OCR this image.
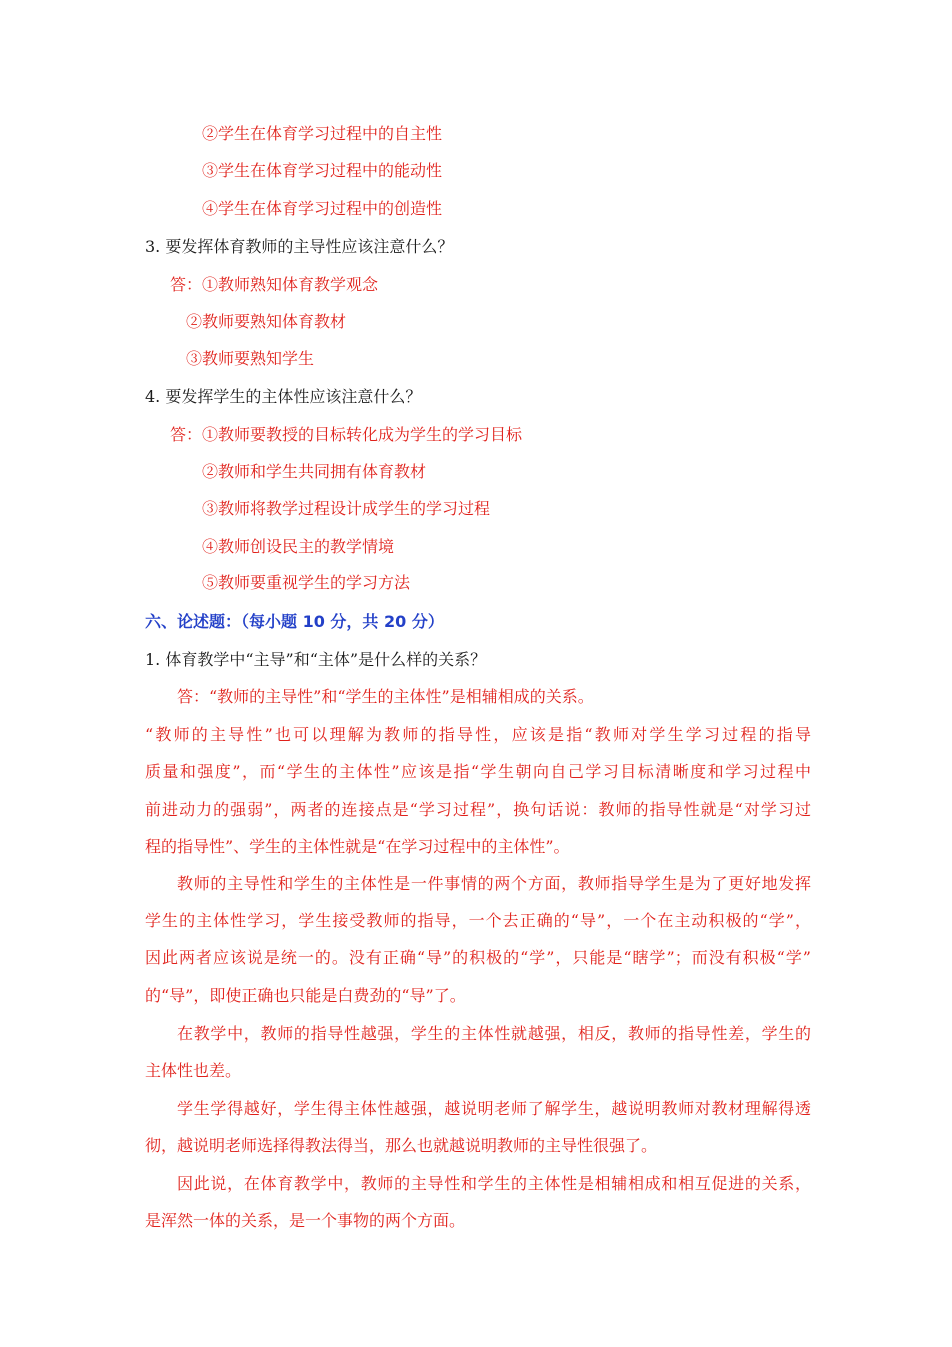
②学生在体育学习过程中的自主性
③学生在体育学习过程中的能动性
④学生在体育学习过程中的创造性
3. 要发挥体育教师的主导性应该注意什么？
答： ①教师熟知体育教学观念
②教师要熟知体育教材
③教师要熟知学生
4. 要发挥学生的主体性应该注意什么？
答： ①教师要教授的目标转化成为学生的学习目标
②教师和学生共同拥有体育教材
③教师将教学过程设计成学生的学习过程
④教师创设民主的教学情境
⑤教师要重视学生的学习方法
六、论述题：（每小题 10 分，共 20 分）
1. 体育教学中“主导”和“主体”是什么样的关系？
答：“教师的主导性”和“学生的主体性”是相辅相成的关系。
“教师的主导性”也可以理解为教师的指导性，应该是指“教师对学生学习过程的指导
质量和强度”，而“学生的主体性”应该是指“学生朝向自己学习目标清晰度和学习过程中
前进动力的强弱”，两者的连接点是“学习过程”，换句话说：教师的指导性就是“对学习过
程的指导性”、学生的主体性就是“在学习过程中的主体性”。
教师的主导性和学生的主体性是一件事情的两个方面，教师指导学生是为了更好地发挥
学生的主体性学习，学生接受教师的指导，一个去正确的“导”，一个在主动积极的“学”，
因此两者应该说是统一的。没有正确“导”的积极的“学”，只能是“瞎学”；而没有积极“学”
的“导”，即使正确也只能是白费劲的“导”了。
在教学中，教师的指导性越强，学生的主体性就越强，相反，教师的指导性差，学生的
主体性也差。
学生学得越好，学生得主体性越强，越说明老师了解学生，越说明教师对教材理解得透
彻，越说明老师选择得教法得当，那么也就越说明教师的主导性很强了。
因此说，在体育教学中，教师的主导性和学生的主体性是相辅相成和相互促进的关系，
是浑然一体的关系，是一个事物的两个方面。
